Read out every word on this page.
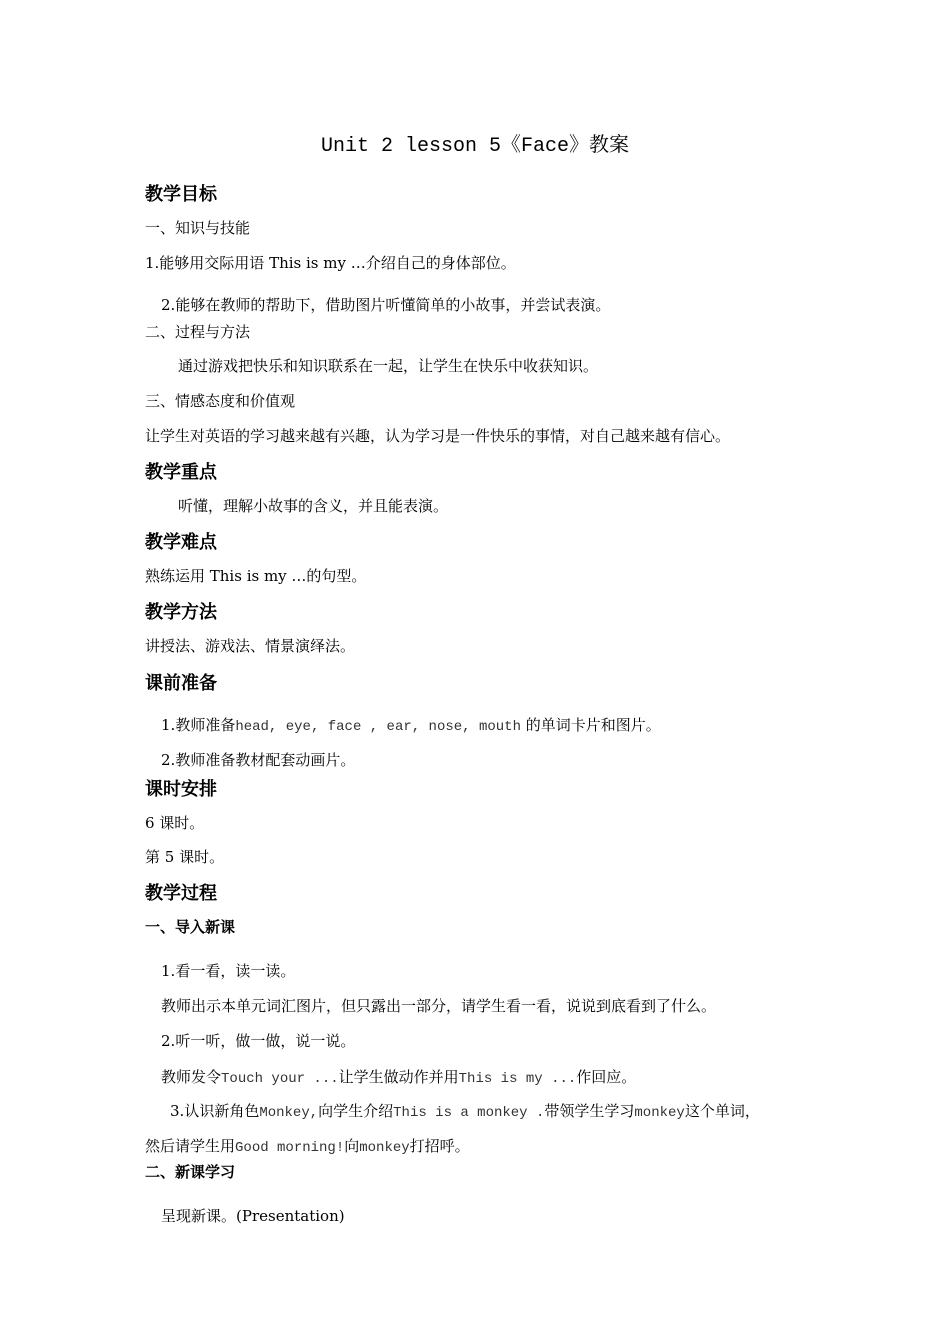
Unit 2 lesson 5《Face》教案
教学目标
一、知识与技能
1.能够用交际用语 This is my …介绍自己的身体部位。
2.能够在教师的帮助下，借助图片听懂简单的小故事，并尝试表演。
二、过程与方法
通过游戏把快乐和知识联系在一起，让学生在快乐中收获知识。
三、情感态度和价值观
让学生对英语的学习越来越有兴趣，认为学习是一件快乐的事情，对自己越来越有信心。
教学重点
听懂，理解小故事的含义，并且能表演。
教学难点
熟练运用 This is my …的句型。
教学方法
讲授法、游戏法、情景演绎法。
课前准备
1.教师准备head, eye, face , ear, nose, mouth 的单词卡片和图片。
2.教师准备教材配套动画片。
课时安排
6 课时。
第 5 课时。
教学过程
一、导入新课
1.看一看，读一读。
教师出示本单元词汇图片，但只露出一部分，请学生看一看，说说到底看到了什么。
2.听一听，做一做，说一说。
教师发令Touch your ...让学生做动作并用This is my ...作回应。
3.认识新角色Monkey,向学生介绍This is a monkey .带领学生学习monkey这个单词，
然后请学生用Good morning!向monkey打招呼。
二、新课学习
呈现新课。(Presentation)
